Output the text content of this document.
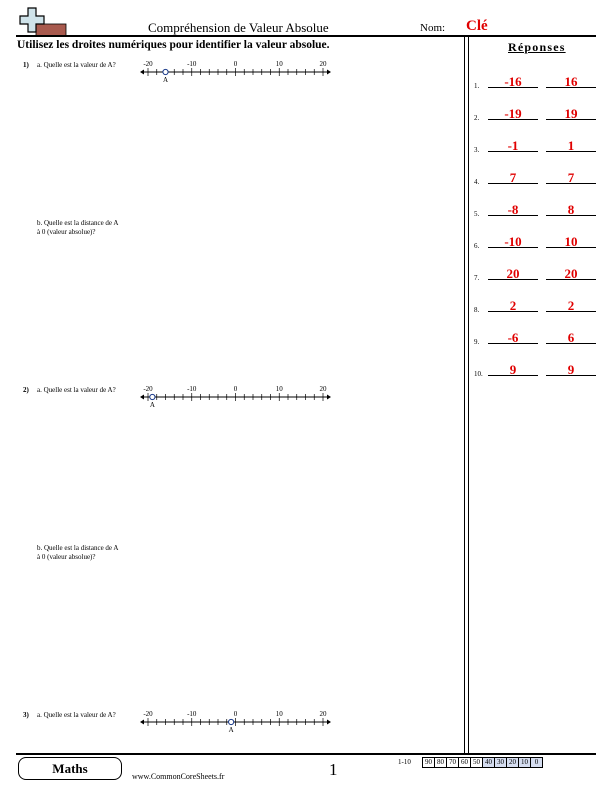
Compréhension de Valeur Absolue	Nom: Clé
Utilisez les droites numériques pour identifier la valeur absolue.
1) a. Quelle est la valeur de A?	-20	-10	0	10	20
A
b. Quelle est la distance de A
à 0 (valeur absolue)?
2) a. Quelle est la valeur de A?	-20	-10	0	10	20
A
b. Quelle est la distance de A
à 0 (valeur absolue)?
3) a. Quelle est la valeur de A?	-20	-10	0	10	20
A
Réponses
1.	-16	16
2.	-19	19
3.	-1	1
4.	7	7
5.	-8	8
6.	-10	10
7.	20	20
8.	2	2
9.	-6	6
10.	9	9
Maths
www.CommonCoreSheets.fr	1	1-10	90 80 70 60 50 40 30 20 10 0
